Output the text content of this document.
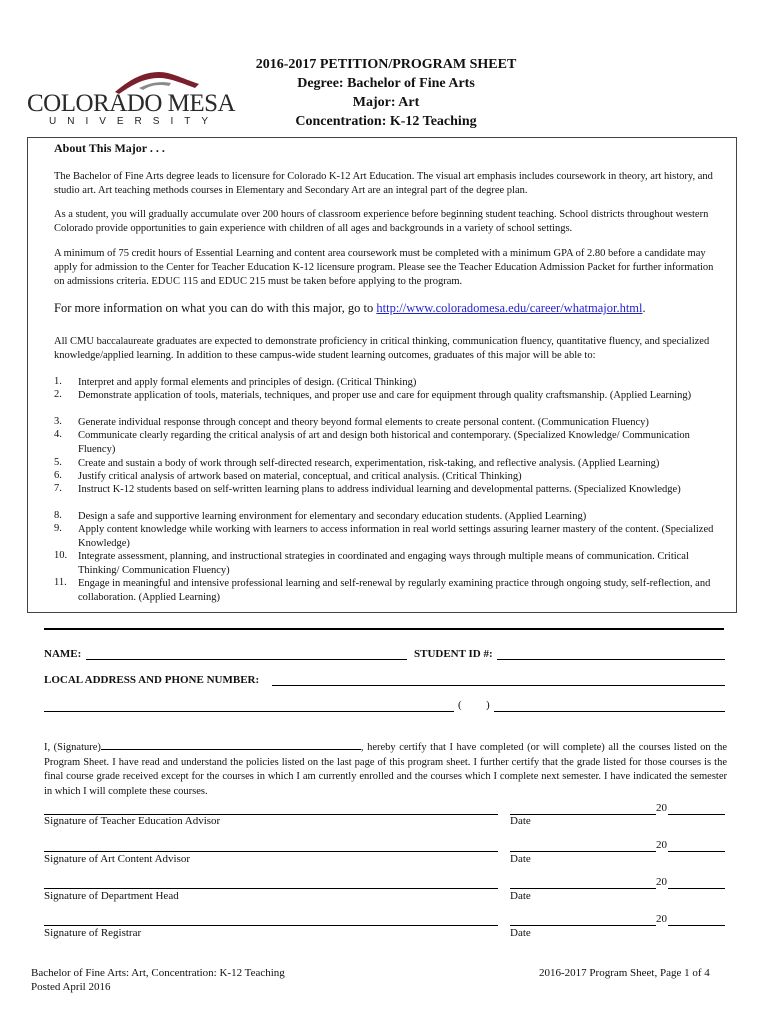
COLORADO MESA
UNIVERSITY
2016-2017 PETITION/PROGRAM SHEET
Degree: Bachelor of Fine Arts
Major: Art
Concentration: K-12 Teaching
About This Major . . .
The Bachelor of Fine Arts degree leads to licensure for Colorado K-12 Art Education. The visual art emphasis includes coursework in theory, art history, and studio art. Art teaching methods courses in Elementary and Secondary Art are an integral part of the degree plan.
As a student, you will gradually accumulate over 200 hours of classroom experience before beginning student teaching. School districts throughout western Colorado provide opportunities to gain experience with children of all ages and backgrounds in a variety of school settings.
A minimum of 75 credit hours of Essential Learning and content area coursework must be completed with a minimum GPA of 2.80 before a candidate may apply for admission to the Center for Teacher Education K-12 licensure program. Please see the Teacher Education Admission Packet for further information on admissions criteria. EDUC 115 and EDUC 215 must be taken before applying to the program.
For more information on what you can do with this major, go to http://www.coloradomesa.edu/career/whatmajor.html.
All CMU baccalaureate graduates are expected to demonstrate proficiency in critical thinking, communication fluency, quantitative fluency, and specialized knowledge/applied learning. In addition to these campus-wide student learning outcomes, graduates of this major will be able to:
1.	Interpret and apply formal elements and principles of design. (Critical Thinking)
2.	Demonstrate application of tools, materials, techniques, and proper use and care for equipment through quality craftsmanship. (Applied Learning)
3.	Generate individual response through concept and theory beyond formal elements to create personal content. (Communication Fluency)
4.	Communicate clearly regarding the critical analysis of art and design both historical and contemporary. (Specialized Knowledge/ Communication Fluency)
5.	Create and sustain a body of work through self-directed research, experimentation, risk-taking, and reflective analysis. (Applied Learning)
6.	Justify critical analysis of artwork based on material, conceptual, and critical analysis. (Critical Thinking)
7.	Instruct K-12 students based on self-written learning plans to address individual learning and developmental patterns. (Specialized Knowledge)
8.	Design a safe and supportive learning environment for elementary and secondary education students. (Applied Learning)
9.	Apply content knowledge while working with learners to access information in real world settings assuring learner mastery of the content. (Specialized Knowledge)
10.	Integrate assessment, planning, and instructional strategies in coordinated and engaging ways through multiple means of communication. Critical Thinking/ Communication Fluency)
11.	Engage in meaningful and intensive professional learning and self-renewal by regularly examining practice through ongoing study, self-reflection, and collaboration. (Applied Learning)
NAME:	STUDENT ID #:
LOCAL ADDRESS AND PHONE NUMBER:
( )
I, (Signature)	, hereby certify that I have completed (or will complete) all the courses listed on the Program Sheet. I have read and understand the policies listed on the last page of this program sheet. I further certify that the grade listed for those courses is the final course grade received except for the courses in which I am currently enrolled and the courses which I complete next semester. I have indicated the semester in which I will complete these courses.
Signature of Teacher Education Advisor
20
Date
Signature of Art Content Advisor
20
Date
Signature of Department Head
20
Date
Signature of Registrar
20
Date
Bachelor of Fine Arts: Art, Concentration: K-12 Teaching
Posted April 2016
2016-2017 Program Sheet, Page 1 of 4
